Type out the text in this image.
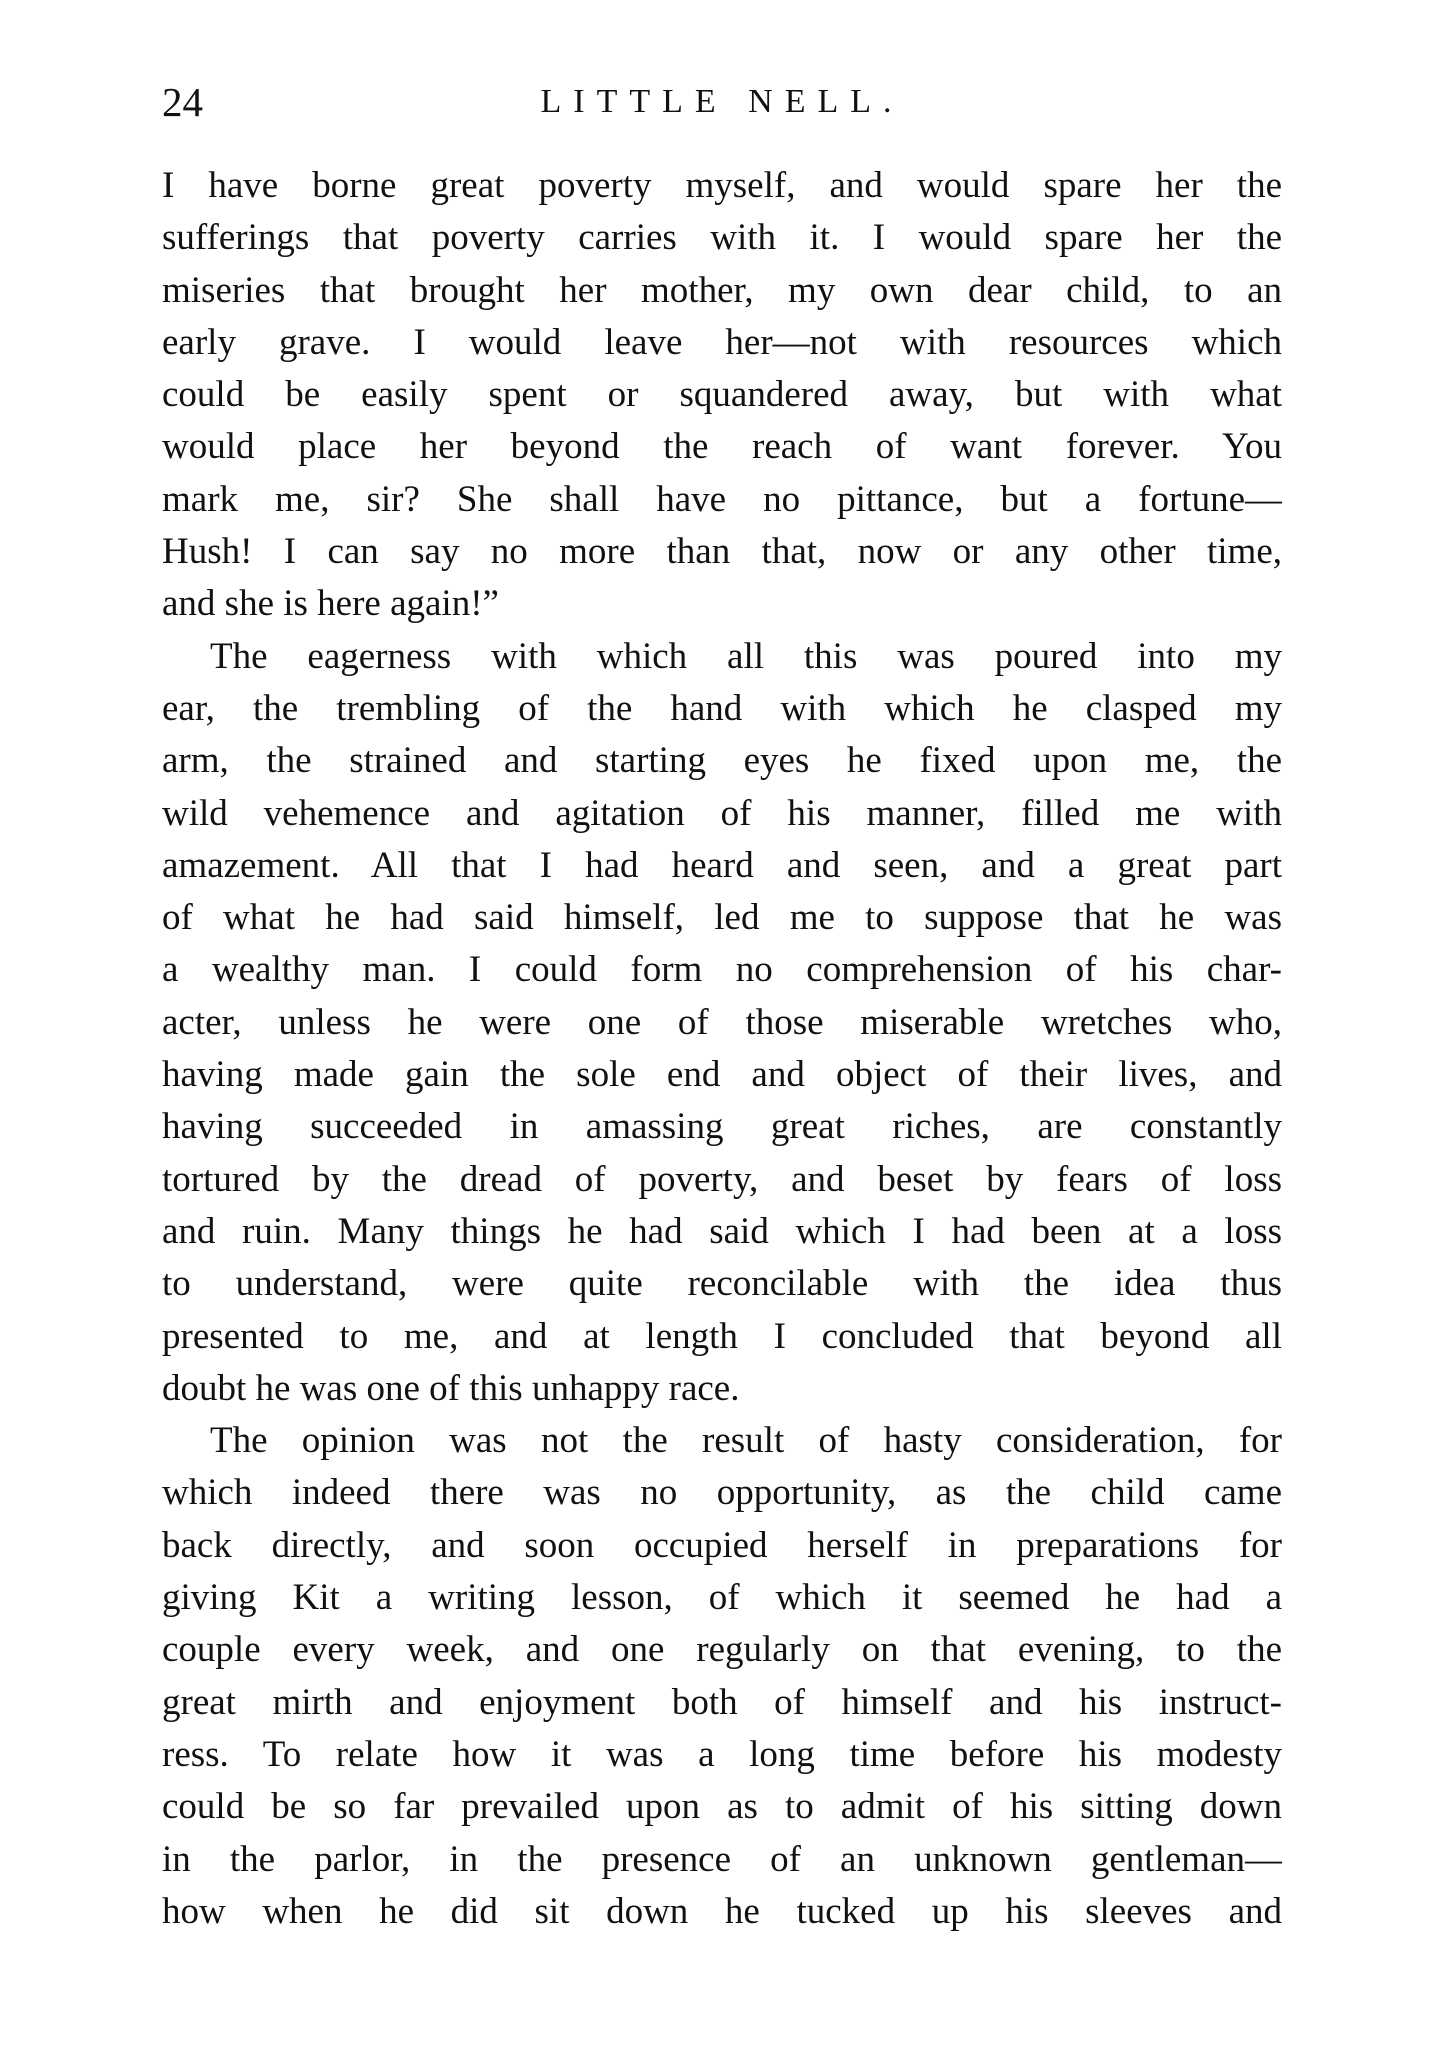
24	LITTLE NELL.
I have borne great poverty myself, and would spare her the
sufferings that poverty carries with it. I would spare her the
miseries that brought her mother, my own dear child, to an
early grave. I would leave her—not with resources which
could be easily spent or squandered away, but with what
would place her beyond the reach of want forever. You
mark me, sir? She shall have no pittance, but a fortune—
Hush! I can say no more than that, now or any other time,
and she is here again!”
The eagerness with which all this was poured into my
ear, the trembling of the hand with which he clasped my
arm, the strained and starting eyes he fixed upon me, the
wild vehemence and agitation of his manner, filled me with
amazement. All that I had heard and seen, and a great part
of what he had said himself, led me to suppose that he was
a wealthy man. I could form no comprehension of his char-
acter, unless he were one of those miserable wretches who,
having made gain the sole end and object of their lives, and
having succeeded in amassing great riches, are constantly
tortured by the dread of poverty, and beset by fears of loss
and ruin. Many things he had said which I had been at a loss
to understand, were quite reconcilable with the idea thus
presented to me, and at length I concluded that beyond all
doubt he was one of this unhappy race.
The opinion was not the result of hasty consideration, for
which indeed there was no opportunity, as the child came
back directly, and soon occupied herself in preparations for
giving Kit a writing lesson, of which it seemed he had a
couple every week, and one regularly on that evening, to the
great mirth and enjoyment both of himself and his instruct-
ress. To relate how it was a long time before his modesty
could be so far prevailed upon as to admit of his sitting down
in the parlor, in the presence of an unknown gentleman—
how when he did sit down he tucked up his sleeves and
